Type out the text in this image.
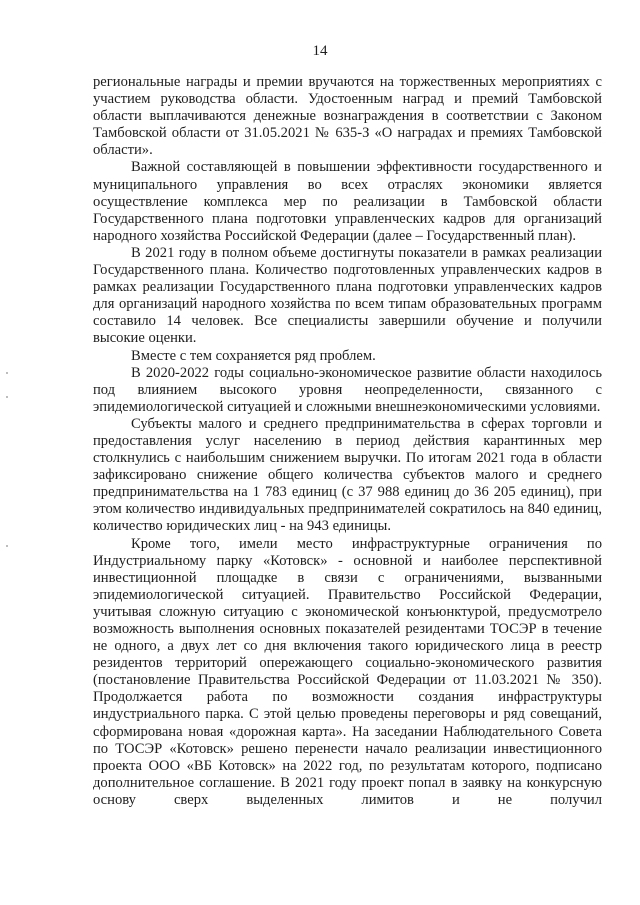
14

региональные награды и премии вручаются на торжественных мероприятиях с участием руководства области. Удостоенным наград и премий Тамбовской области выплачиваются денежные вознаграждения в соответствии с Законом Тамбовской области от 31.05.2021 № 635-З «О наградах и премиях Тамбовской области».

Важной составляющей в повышении эффективности государственного и муниципального управления во всех отраслях экономики является осуществление комплекса мер по реализации в Тамбовской области Государственного плана подготовки управленческих кадров для организаций народного хозяйства Российской Федерации (далее – Государственный план).

В 2021 году в полном объеме достигнуты показатели в рамках реализации Государственного плана. Количество подготовленных управленческих кадров в рамках реализации Государственного плана подготовки управленческих кадров для организаций народного хозяйства по всем типам образовательных программ составило 14 человек. Все специалисты завершили обучение и получили высокие оценки.

Вместе с тем сохраняется ряд проблем.

В 2020-2022 годы социально-экономическое развитие области находилось под влиянием высокого уровня неопределенности, связанного с эпидемиологической ситуацией и сложными внешнеэкономическими условиями.

Субъекты малого и среднего предпринимательства в сферах торговли и предоставления услуг населению в период действия карантинных мер столкнулись с наибольшим снижением выручки. По итогам 2021 года в области зафиксировано снижение общего количества субъектов малого и среднего предпринимательства на 1 783 единиц (с 37 988 единиц до 36 205 единиц), при этом количество индивидуальных предпринимателей сократилось на 840 единиц, количество юридических лиц - на 943 единицы.

Кроме того, имели место инфраструктурные ограничения по Индустриальному парку «Котовск» - основной и наиболее перспективной инвестиционной площадке в связи с ограничениями, вызванными эпидемиологической ситуацией. Правительство Российской Федерации, учитывая сложную ситуацию с экономической конъюнктурой, предусмотрело возможность выполнения основных показателей резидентами ТОСЭР в течение не одного, а двух лет со дня включения такого юридического лица в реестр резидентов территорий опережающего социально-экономического развития (постановление Правительства Российской Федерации от 11.03.2021 № 350). Продолжается работа по возможности создания инфраструктуры индустриального парка. С этой целью проведены переговоры и ряд совещаний, сформирована новая «дорожная карта». На заседании Наблюдательного Совета по ТОСЭР «Котовск» решено перенести начало реализации инвестиционного проекта ООО «ВБ Котовск» на 2022 год, по результатам которого, подписано дополнительное соглашение. В 2021 году проект попал в заявку на конкурсную основу сверх выделенных лимитов и не получил
